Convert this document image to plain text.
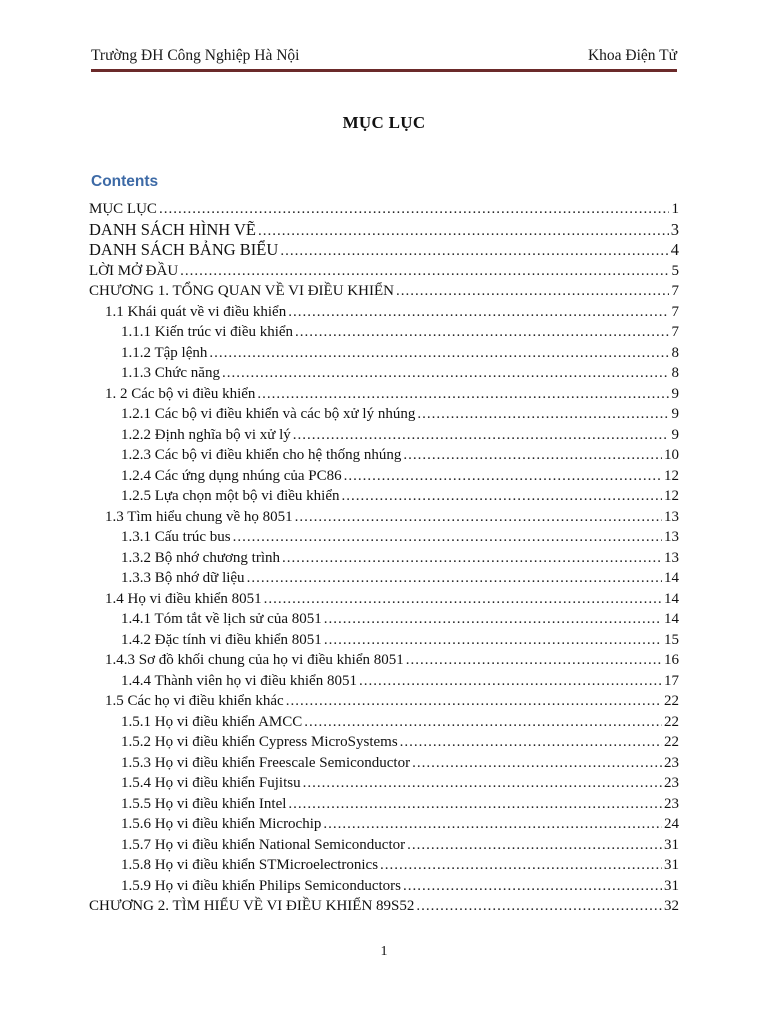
Trường ĐH Công Nghiệp Hà Nội	Khoa Điện Tử
MỤC LỤC
Contents
MỤC LỤC .....	1
DANH SÁCH HÌNH VẼ .....	3
DANH SÁCH BẢNG BIỂU .....	4
LỜI MỞ ĐẦU .....	5
CHƯƠNG 1. TỔNG QUAN VỀ VI ĐIỀU KHIỂN .....	7
1.1 Khái quát về vi điều khiển .....	7
1.1.1 Kiến trúc vi điều khiển .....	7
1.1.2 Tập lệnh .....	8
1.1.3 Chức năng .....	8
1. 2 Các bộ vi điều khiển .....	9
1.2.1 Các bộ vi điều khiển và các bộ xử lý nhúng .....	9
1.2.2 Định nghĩa bộ vi xử lý .....	9
1.2.3 Các bộ vi điều khiển cho hệ thống nhúng .....	10
1.2.4 Các ứng dụng nhúng của PC86 .....	12
1.2.5 Lựa chọn một bộ vi điều khiển .....	12
1.3 Tìm hiểu chung về họ 8051 .....	13
1.3.1 Cấu trúc bus .....	13
1.3.2 Bộ nhớ chương trình .....	13
1.3.3 Bộ nhớ dữ liệu .....	14
1.4 Họ vi điều khiển 8051 .....	14
1.4.1 Tóm tắt về lịch sử của 8051 .....	14
1.4.2 Đặc tính vi điều khiển 8051 .....	15
1.4.3 Sơ đồ khối chung của họ vi điều khiển 8051 .....	16
1.4.4 Thành viên họ vi điều khiển 8051 .....	17
1.5 Các họ vi điều khiển khác .....	22
1.5.1 Họ vi điều khiển AMCC .....	22
1.5.2 Họ vi điều khiển Cypress MicroSystems .....	22
1.5.3 Họ vi điều khiển Freescale Semiconductor .....	23
1.5.4 Họ vi điều khiển Fujitsu .....	23
1.5.5 Họ vi điều khiển Intel .....	23
1.5.6 Họ vi điều khiển Microchip .....	24
1.5.7 Họ vi điều khiển National Semiconductor .....	31
1.5.8 Họ vi điều khiển STMicroelectronics .....	31
1.5.9 Họ vi điều khiển Philips Semiconductors .....	31
CHƯƠNG 2. TÌM HIỂU VỀ VI ĐIỀU KHIỂN 89S52 .....	32
1
